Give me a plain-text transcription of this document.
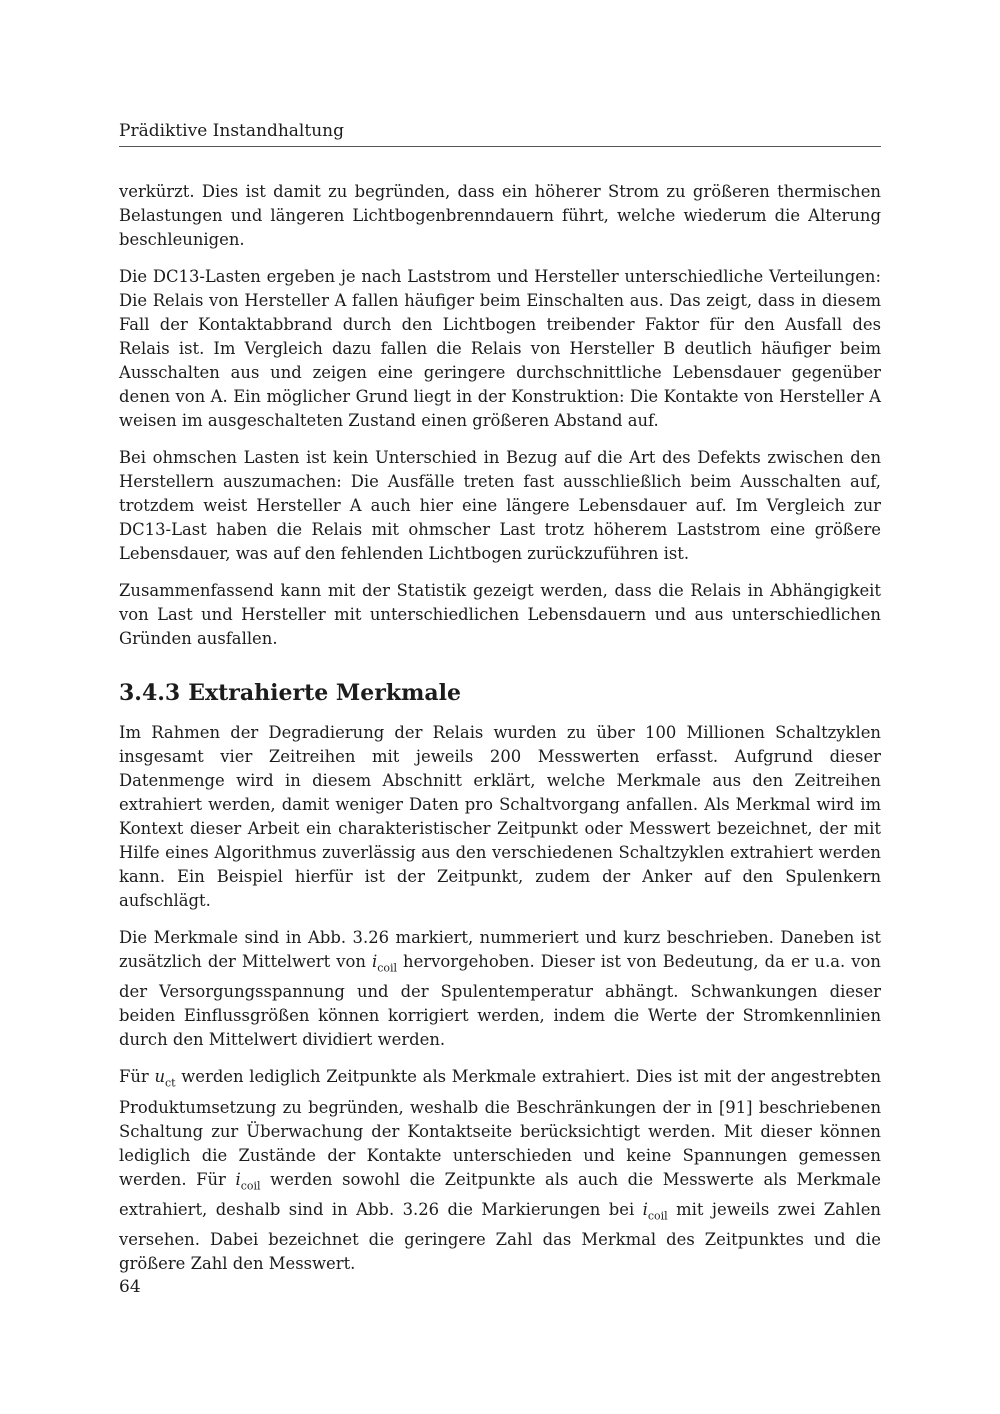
Prädiktive Instandhaltung

verkürzt. Dies ist damit zu begründen, dass ein höherer Strom zu größeren thermischen Belastungen und längeren Lichtbogenbrenndauern führt, welche wiederum die Alterung beschleunigen.

Die DC13-Lasten ergeben je nach Laststrom und Hersteller unterschiedliche Verteilungen: Die Relais von Hersteller A fallen häufiger beim Einschalten aus. Das zeigt, dass in diesem Fall der Kontaktabbrand durch den Lichtbogen treibender Faktor für den Ausfall des Relais ist. Im Vergleich dazu fallen die Relais von Hersteller B deutlich häufiger beim Ausschalten aus und zeigen eine geringere durchschnittliche Lebensdauer gegenüber denen von A. Ein möglicher Grund liegt in der Konstruktion: Die Kontakte von Hersteller A weisen im ausgeschalteten Zustand einen größeren Abstand auf.

Bei ohmschen Lasten ist kein Unterschied in Bezug auf die Art des Defekts zwischen den Herstellern auszumachen: Die Ausfälle treten fast ausschließlich beim Ausschalten auf, trotzdem weist Hersteller A auch hier eine längere Lebensdauer auf. Im Vergleich zur DC13-Last haben die Relais mit ohmscher Last trotz höherem Laststrom eine größere Lebensdauer, was auf den fehlenden Lichtbogen zurückzuführen ist.

Zusammenfassend kann mit der Statistik gezeigt werden, dass die Relais in Abhängigkeit von Last und Hersteller mit unterschiedlichen Lebensdauern und aus unterschiedlichen Gründen ausfallen.

3.4.3 Extrahierte Merkmale

Im Rahmen der Degradierung der Relais wurden zu über 100 Millionen Schaltzyklen insgesamt vier Zeitreihen mit jeweils 200 Messwerten erfasst. Aufgrund dieser Datenmenge wird in diesem Abschnitt erklärt, welche Merkmale aus den Zeitreihen extrahiert werden, damit weniger Daten pro Schaltvorgang anfallen. Als Merkmal wird im Kontext dieser Arbeit ein charakteristischer Zeitpunkt oder Messwert bezeichnet, der mit Hilfe eines Algorithmus zuverlässig aus den verschiedenen Schaltzyklen extrahiert werden kann. Ein Beispiel hierfür ist der Zeitpunkt, zudem der Anker auf den Spulenkern aufschlägt.

Die Merkmale sind in Abb. 3.26 markiert, nummeriert und kurz beschrieben. Daneben ist zusätzlich der Mittelwert von $i_{coil}$ hervorgehoben. Dieser ist von Bedeutung, da er u.a. von der Versorgungsspannung und der Spulentemperatur abhängt. Schwankungen dieser beiden Einflussgrößen können korrigiert werden, indem die Werte der Stromkennlinien durch den Mittelwert dividiert werden.

Für $u_{ct}$ werden lediglich Zeitpunkte als Merkmale extrahiert. Dies ist mit der angestrebten Produktumsetzung zu begründen, weshalb die Beschränkungen der in [91] beschriebenen Schaltung zur Überwachung der Kontaktseite berücksichtigt werden. Mit dieser können lediglich die Zustände der Kontakte unterschieden und keine Spannungen gemessen werden. Für $i_{coil}$ werden sowohl die Zeitpunkte als auch die Messwerte als Merkmale extrahiert, deshalb sind in Abb. 3.26 die Markierungen bei $i_{coil}$ mit jeweils zwei Zahlen versehen. Dabei bezeichnet die geringere Zahl das Merkmal des Zeitpunktes und die größere Zahl den Messwert.

64
